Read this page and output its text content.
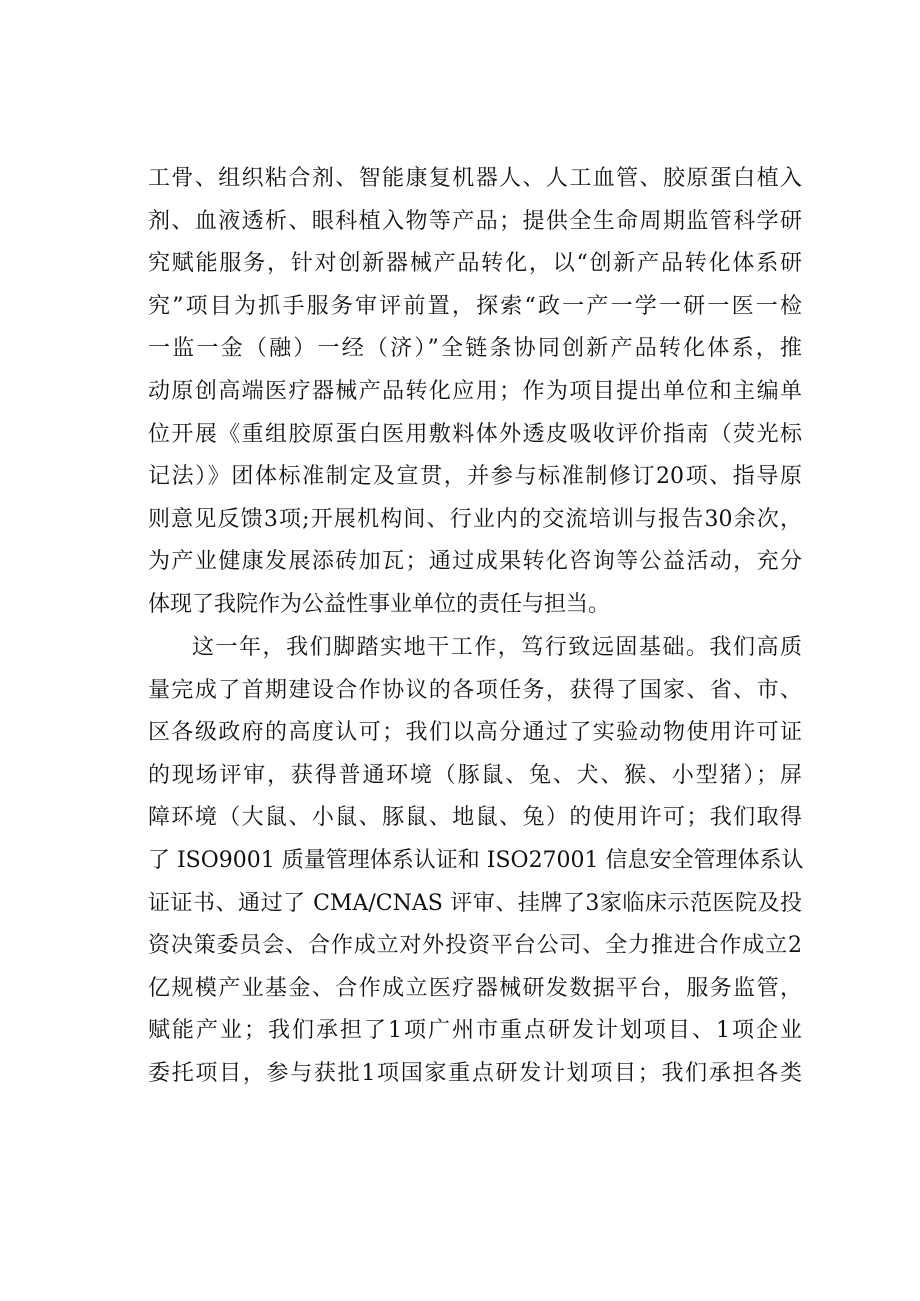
工骨、组织粘合剂、智能康复机器人、人工血管、胶原蛋白植入
剂、血液透析、眼科植入物等产品；提供全生命周期监管科学研
究赋能服务，针对创新器械产品转化，以“创新产品转化体系研
究”项目为抓手服务审评前置，探索“政一产一学一研一医一检
一监一金（融）一经（济）”全链条协同创新产品转化体系，推
动原创高端医疗器械产品转化应用；作为项目提出单位和主编单
位开展《重组胶原蛋白医用敷料体外透皮吸收评价指南（荧光标
记法）》团体标准制定及宣贯，并参与标准制修订20项、指导原
则意见反馈3项;开展机构间、行业内的交流培训与报告30余次，
为产业健康发展添砖加瓦；通过成果转化咨询等公益活动，充分
体现了我院作为公益性事业单位的责任与担当。
这一年，我们脚踏实地干工作，笃行致远固基础。我们高质
量完成了首期建设合作协议的各项任务，获得了国家、省、市、
区各级政府的高度认可；我们以高分通过了实验动物使用许可证
的现场评审，获得普通环境（豚鼠、兔、犬、猴、小型猪）；屏
障环境（大鼠、小鼠、豚鼠、地鼠、兔）的使用许可；我们取得
了 ISO9001 质量管理体系认证和 ISO27001 信息安全管理体系认
证证书、通过了 CMA/CNAS 评审、挂牌了3家临床示范医院及投
资决策委员会、合作成立对外投资平台公司、全力推进合作成立2
亿规模产业基金、合作成立医疗器械研发数据平台，服务监管，
赋能产业；我们承担了1项广州市重点研发计划项目、1项企业
委托项目，参与获批1项国家重点研发计划项目；我们承担各类
